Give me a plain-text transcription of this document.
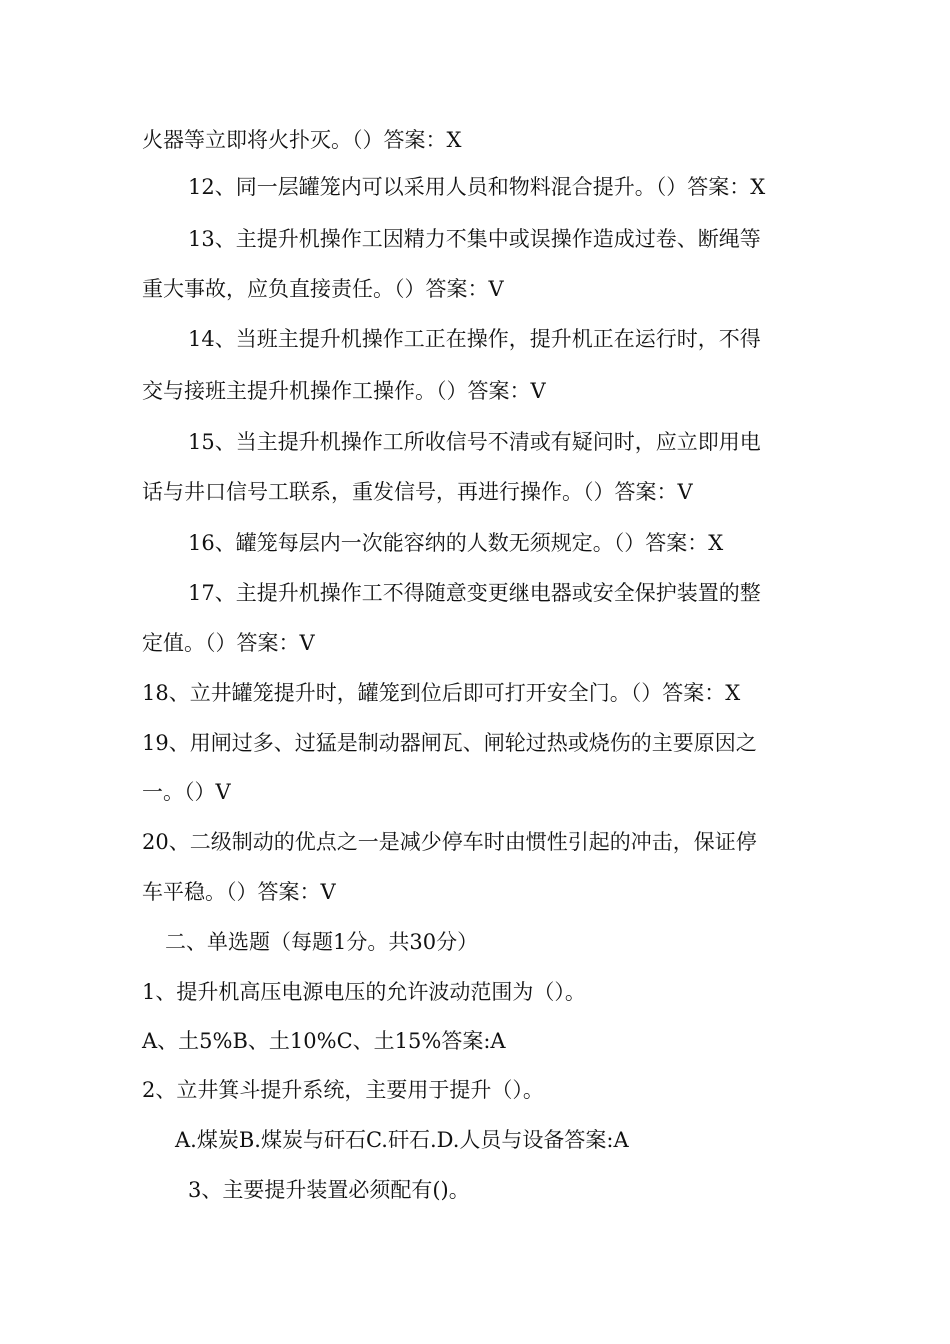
火器等立即将火扑灭。（）答案：X
12、同一层罐笼内可以采用人员和物料混合提升。（）答案：X
13、主提升机操作工因精力不集中或误操作造成过卷、断绳等
重大事故，应负直接责任。（）答案：V
14、当班主提升机操作工正在操作，提升机正在运行时，不得
交与接班主提升机操作工操作。（）答案：V
15、当主提升机操作工所收信号不清或有疑问时，应立即用电
话与井口信号工联系，重发信号，再进行操作。（）答案：V
16、罐笼每层内一次能容纳的人数无须规定。（）答案：X
17、主提升机操作工不得随意变更继电器或安全保护装置的整
定值。（）答案：V
18、立井罐笼提升时，罐笼到位后即可打开安全门。（）答案：X
19、用闸过多、过猛是制动器闸瓦、闸轮过热或烧伤的主要原因之
一。（）V
20、二级制动的优点之一是减少停车时由惯性引起的冲击，保证停
车平稳。（）答案：V
二、单选题（每题1分。共30分）
1、提升机高压电源电压的允许波动范围为（）。
A、土5%B、土10%C、土15%答案:A
2、立井箕斗提升系统，主要用于提升（）。
A.煤炭B.煤炭与矸石C.矸石.D.人员与设备答案:A
3、主要提升装置必须配有()。
